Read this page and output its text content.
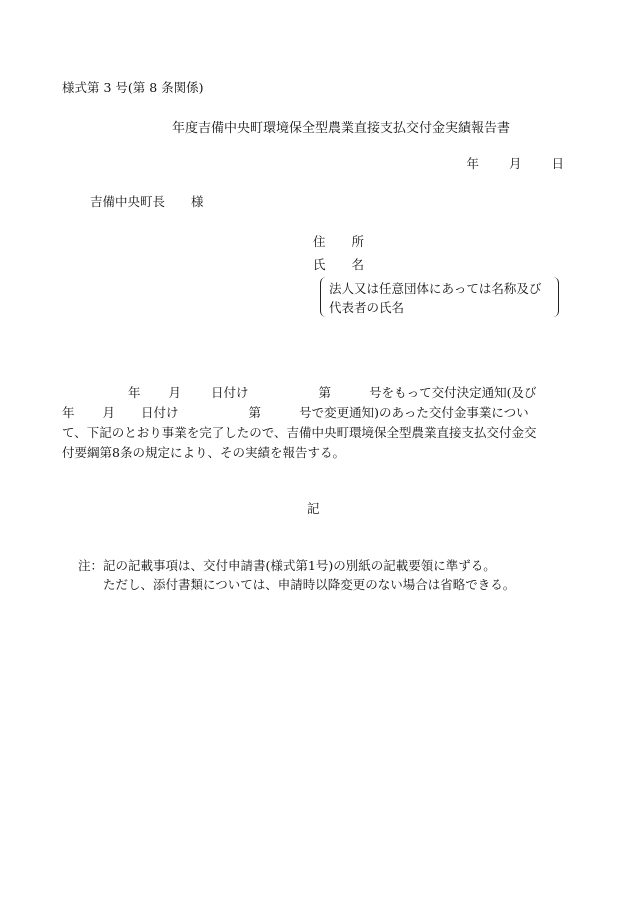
様式第 3 号(第 8 条関係)
年度吉備中央町環境保全型農業直接支払交付金実績報告書
年 月 日
吉備中央町長 様
住 所
氏 名
法人又は任意団体にあっては名称及び
代表者の氏名
年 月 日付け	第	号をもって交付決定通知(及び
年 月 日付け	第	号で変更通知)のあった交付金事業につい
て、下記のとおり事業を完了したので、吉備中央町環境保全型農業直接支払交付金交
付要綱第8条の規定により、その実績を報告する。
記
注：記の記載事項は、交付申請書(様式第1号)の別紙の記載要領に準ずる。
ただし、添付書類については、申請時以降変更のない場合は省略できる。
